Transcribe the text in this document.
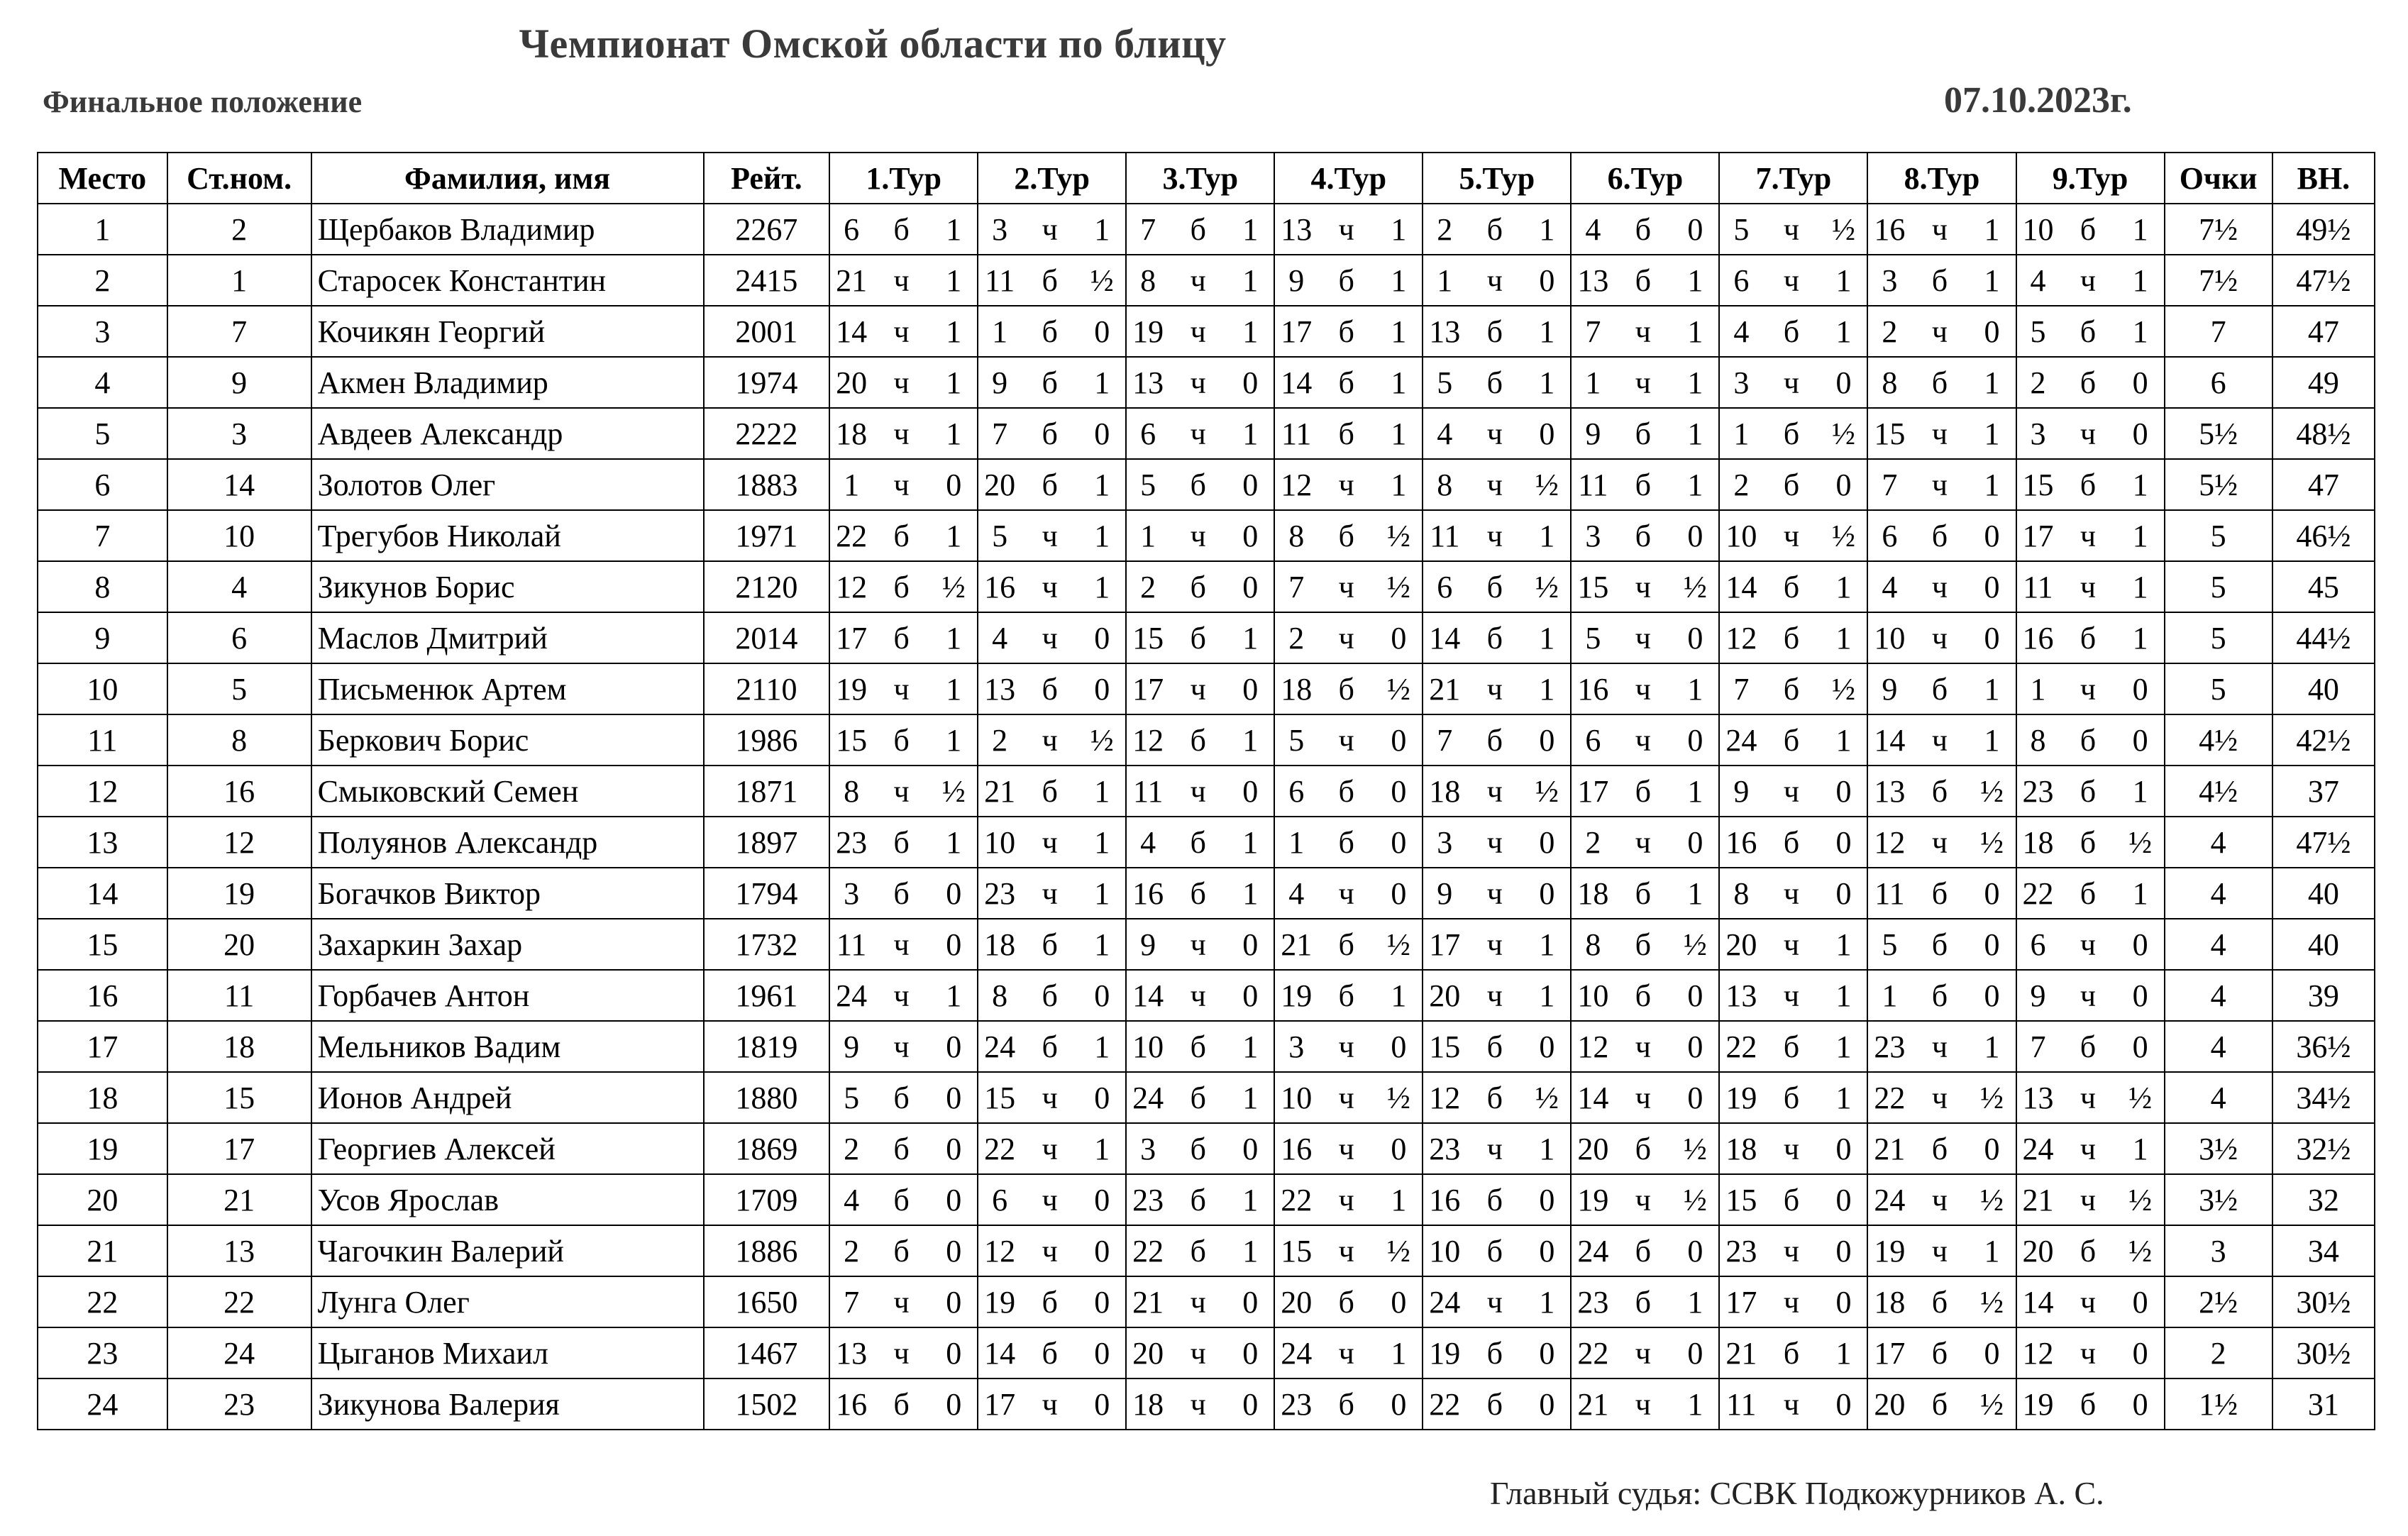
Чемпионат Омской области по блицу
Финальное положение	07.10.2023г.
Место	Ст.ном.	Фамилия, имя	Рейт.	1.Тур			2.Тур			3.Тур			4.Тур			5.Тур			6.Тур			7.Тур			8.Тур			9.Тур			Очки	ВН.
1	2	Щербаков Владимир	2267	6	б	1	3	ч	1	7	б	1	13	ч	1	2	б	1	4	б	0	5	ч	½	16	ч	1	10	б	1	7½	49½
2	1	Старосек Константин	2415	21	ч	1	11	б	½	8	ч	1	9	б	1	1	ч	0	13	б	1	6	ч	1	3	б	1	4	ч	1	7½	47½
3	7	Кочикян Георгий	2001	14	ч	1	1	б	0	19	ч	1	17	б	1	13	б	1	7	ч	1	4	б	1	2	ч	0	5	б	1	7	47
4	9	Акмен Владимир	1974	20	ч	1	9	б	1	13	ч	0	14	б	1	5	б	1	1	ч	1	3	ч	0	8	б	1	2	б	0	6	49
5	3	Авдеев Александр	2222	18	ч	1	7	б	0	6	ч	1	11	б	1	4	ч	0	9	б	1	1	б	½	15	ч	1	3	ч	0	5½	48½
6	14	Золотов Олег	1883	1	ч	0	20	б	1	5	б	0	12	ч	1	8	ч	½	11	б	1	2	б	0	7	ч	1	15	б	1	5½	47
7	10	Трегубов Николай	1971	22	б	1	5	ч	1	1	ч	0	8	б	½	11	ч	1	3	б	0	10	ч	½	6	б	0	17	ч	1	5	46½
8	4	Зикунов Борис	2120	12	б	½	16	ч	1	2	б	0	7	ч	½	6	б	½	15	ч	½	14	б	1	4	ч	0	11	ч	1	5	45
9	6	Маслов Дмитрий	2014	17	б	1	4	ч	0	15	б	1	2	ч	0	14	б	1	5	ч	0	12	б	1	10	ч	0	16	б	1	5	44½
10	5	Письменюк Артем	2110	19	ч	1	13	б	0	17	ч	0	18	б	½	21	ч	1	16	ч	1	7	б	½	9	б	1	1	ч	0	5	40
11	8	Беркович Борис	1986	15	б	1	2	ч	½	12	б	1	5	ч	0	7	б	0	6	ч	0	24	б	1	14	ч	1	8	б	0	4½	42½
12	16	Смыковский Семен	1871	8	ч	½	21	б	1	11	ч	0	6	б	0	18	ч	½	17	б	1	9	ч	0	13	б	½	23	б	1	4½	37
13	12	Полуянов Александр	1897	23	б	1	10	ч	1	4	б	1	1	б	0	3	ч	0	2	ч	0	16	б	0	12	ч	½	18	б	½	4	47½
14	19	Богачков Виктор	1794	3	б	0	23	ч	1	16	б	1	4	ч	0	9	ч	0	18	б	1	8	ч	0	11	б	0	22	б	1	4	40
15	20	Захаркин Захар	1732	11	ч	0	18	б	1	9	ч	0	21	б	½	17	ч	1	8	б	½	20	ч	1	5	б	0	6	ч	0	4	40
16	11	Горбачев Антон	1961	24	ч	1	8	б	0	14	ч	0	19	б	1	20	ч	1	10	б	0	13	ч	1	1	б	0	9	ч	0	4	39
17	18	Мельников Вадим	1819	9	ч	0	24	б	1	10	б	1	3	ч	0	15	б	0	12	ч	0	22	б	1	23	ч	1	7	б	0	4	36½
18	15	Ионов Андрей	1880	5	б	0	15	ч	0	24	б	1	10	ч	½	12	б	½	14	ч	0	19	б	1	22	ч	½	13	ч	½	4	34½
19	17	Георгиев Алексей	1869	2	б	0	22	ч	1	3	б	0	16	ч	0	23	ч	1	20	б	½	18	ч	0	21	б	0	24	ч	1	3½	32½
20	21	Усов Ярослав	1709	4	б	0	6	ч	0	23	б	1	22	ч	1	16	б	0	19	ч	½	15	б	0	24	ч	½	21	ч	½	3½	32
21	13	Чагочкин Валерий	1886	2	б	0	12	ч	0	22	б	1	15	ч	½	10	б	0	24	б	0	23	ч	0	19	ч	1	20	б	½	3	34
22	22	Лунга Олег	1650	7	ч	0	19	б	0	21	ч	0	20	б	0	24	ч	1	23	б	1	17	ч	0	18	б	½	14	ч	0	2½	30½
23	24	Цыганов Михаил	1467	13	ч	0	14	б	0	20	ч	0	24	ч	1	19	б	0	22	ч	0	21	б	1	17	б	0	12	ч	0	2	30½
24	23	Зикунова Валерия	1502	16	б	0	17	ч	0	18	ч	0	23	б	0	22	б	0	21	ч	1	11	ч	0	20	б	½	19	б	0	1½	31
Главный судья: ССВК Подкожурников А. С.
